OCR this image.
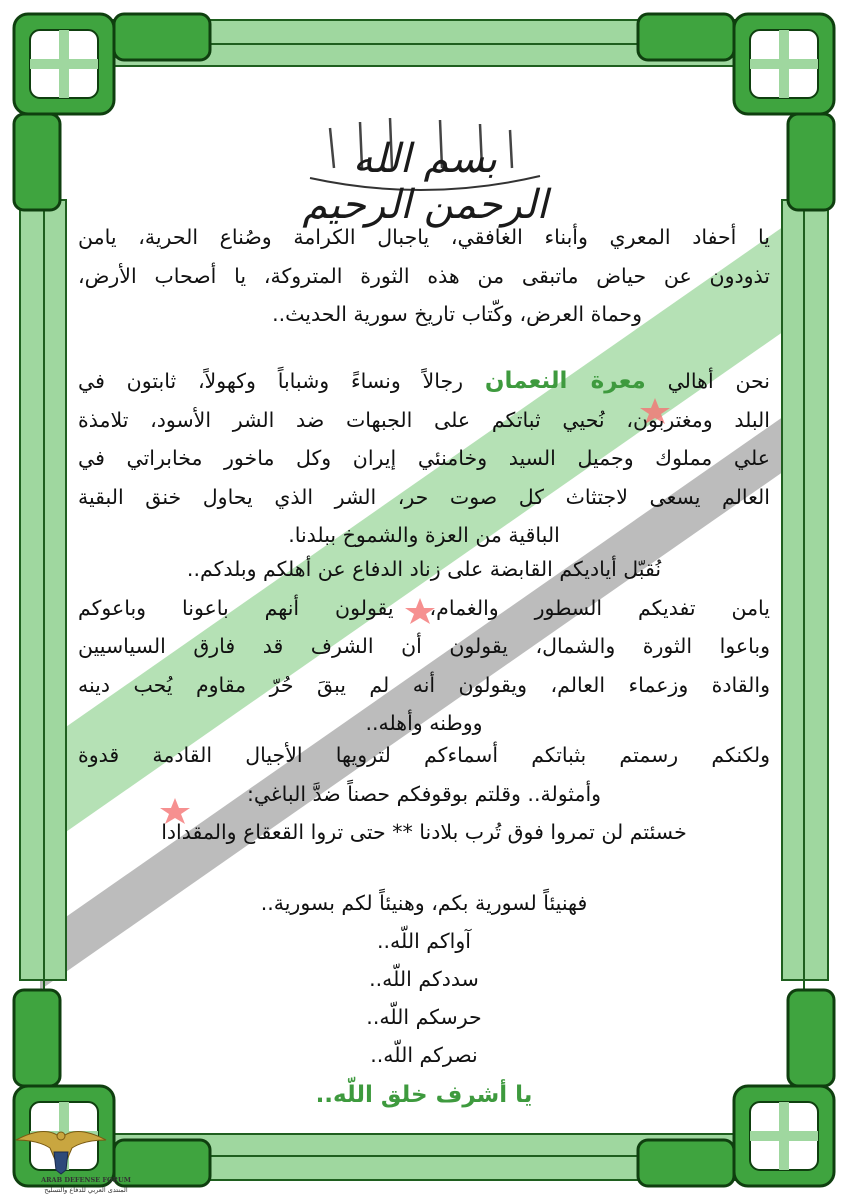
بسم الله الرحمن الرحيم
يا أحفاد المعري وأبناء الغافقي، ياجبال الكرامة وصُناع الحرية، يامن
تذودون عن حياض ماتبقى من هذه الثورة المتروكة، يا أصحاب الأرض،
وحماة العرض، وكّتاب تاريخ سورية الحديث..
نحن أهالي معرة النعمان رجالاً ونساءً وشباباً وكهولاً، ثابتون في
البلد ومغتربون، نُحيي ثباتكم على الجبهات ضد الشر الأسود، تلامذة
علي مملوك وجميل السيد وخامنئي إيران وكل ماخور مخابراتي في
العالم يسعى لاجتثاث كل صوت حر، الشر الذي يحاول خنق البقية
الباقية من العزة والشموخ ببلدنا.
نُقبّل أياديكم القابضة على زناد الدفاع عن أهلكم وبلدكم..
يامن تفديكم السطور والغمام، يقولون أنهم باعونا وباعوكم
وباعوا الثورة والشمال، يقولون أن الشرف قد فارق السياسيين
والقادة وزعماء العالم، ويقولون أنه لم يبقَ حُرّ مقاوم يُحب دينه
ووطنه وأهله..
ولكنكم رسمتم بثباتكم أسماءكم لترويها الأجيال القادمة قدوة
وأمثولة.. وقلتم بوقوفكم حصناً ضدَّ الباغي:
خسئتم لن تمروا فوق تُرب بلادنا ** حتى تروا القعقاع والمقدادا
فهنيئاً لسورية بكم، وهنيئاً لكم بسورية..
آواكم اللّه..
سددكم اللّه..
حرسكم اللّه..
نصركم اللّه..
يا أشرف خلق اللّه..
ARAB DEFENSE FORUM
المنتدى العربي للدفاع والتسليح
